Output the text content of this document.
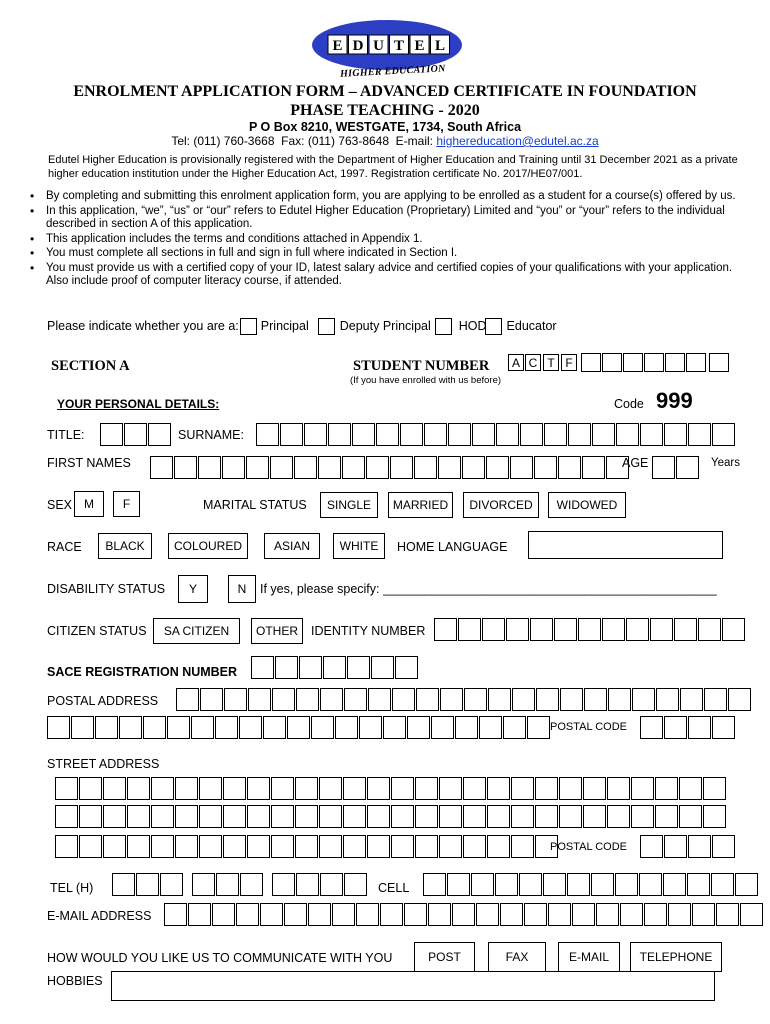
E D U T E L
HIGHER EDUCATION
ENROLMENT APPLICATION FORM – ADVANCED CERTIFICATE IN FOUNDATION
PHASE TEACHING - 2020
P O Box 8210, WESTGATE, 1734, South Africa
Tel: (011) 760-3668  Fax: (011) 763-8648  E-mail: highereducation@edutel.ac.za
Edutel Higher Education is provisionally registered with the Department of Higher Education and Training until 31 December 2021 as a private higher education institution under the Higher Education Act, 1997. Registration certificate No. 2017/HE07/001.
• By completing and submitting this enrolment application form, you are applying to be enrolled as a student for a course(s) offered by us.
• In this application, “we”, “us” or “our” refers to Edutel Higher Education (Proprietary) Limited and “you” or “your” refers to the individual described in section A of this application.
• This application includes the terms and conditions attached in Appendix 1.
• You must complete all sections in full and sign in full where indicated in Section I.
• You must provide us with a certified copy of your ID, latest salary advice and certified copies of your qualifications with your application. Also include proof of computer literacy course, if attended.
Please indicate whether you are a: Principal Deputy Principal HOD Educator
SECTION A	STUDENT NUMBER	A C T F
(If you have enrolled with us before)
YOUR PERSONAL DETAILS:	Code 999
TITLE:	SURNAME:
FIRST NAMES	AGE	Years
SEX M	F	MARITAL STATUS	SINGLE	MARRIED	DIVORCED	WIDOWED
RACE	BLACK	COLOURED	ASIAN	WHITE	HOME LANGUAGE
DISABILITY STATUS	Y	N	If yes, please specify: ________________________________________________
CITIZEN STATUS	SA CITIZEN	OTHER	IDENTITY NUMBER
SACE REGISTRATION NUMBER
POSTAL ADDRESS
POSTAL CODE
STREET ADDRESS
POSTAL CODE
TEL (H)	CELL
E-MAIL ADDRESS
HOW WOULD YOU LIKE US TO COMMUNICATE WITH YOU	POST	FAX	E-MAIL	TELEPHONE
HOBBIES
